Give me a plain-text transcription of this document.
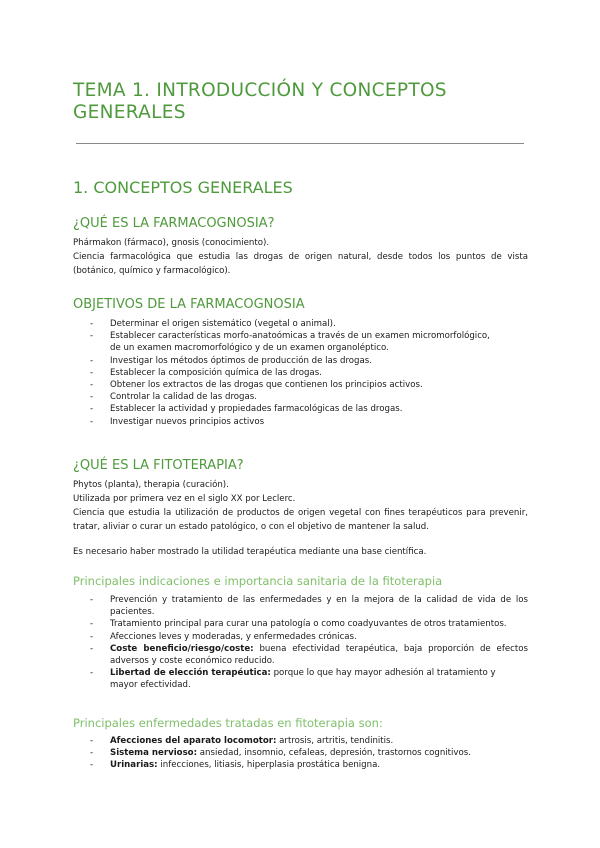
TEMA 1. INTRODUCCIÓN Y CONCEPTOS GENERALES
1. CONCEPTOS GENERALES
¿QUÉ ES LA FARMACOGNOSIA?

Phármakon (fármaco), gnosis (conocimiento).

Ciencia farmacológica que estudia las drogas de origen natural, desde todos los puntos de vista (botánico, químico y farmacológico).

OBJETIVOS DE LA FARMACOGNOSIA
- Determinar el origen sistemático (vegetal o animal).
- Establecer características morfo-anatoómicas a través de un examen micromorfológico, de un examen macromorfológico y de un examen organoléptico.
- Investigar los métodos óptimos de producción de las drogas.
- Establecer la composición química de las drogas.
- Obtener los extractos de las drogas que contienen los principios activos.
- Controlar la calidad de las drogas.
- Establecer la actividad y propiedades farmacológicas de las drogas.
- Investigar nuevos principios activos
¿QUÉ ES LA FITOTERAPIA?

Phytos (planta), therapia (curación).

Utilizada por primera vez en el siglo XX por Leclerc.

Ciencia que estudia la utilización de productos de origen vegetal con fines terapéuticos para prevenir, tratar, aliviar o curar un estado patológico, o con el objetivo de mantener la salud.

Es necesario haber mostrado la utilidad terapéutica mediante una base científica.

Principales indicaciones e importancia sanitaria de la fitoterapia
- Prevención y tratamiento de las enfermedades y en la mejora de la calidad de vida de los pacientes.
- Tratamiento principal para curar una patología o como coadyuvantes de otros tratamientos.
- Afecciones leves y moderadas, y enfermedades crónicas.
- Coste beneficio/riesgo/coste: buena efectividad terapéutica, baja proporción de efectos adversos y coste económico reducido.
- Libertad de elección terapéutica: porque lo que hay mayor adhesión al tratamiento y mayor efectividad.
Principales enfermedades tratadas en fitoterapia son:
- Afecciones del aparato locomotor: artrosis, artritis, tendinitis.
- Sistema nervioso: ansiedad, insomnio, cefaleas, depresión, trastornos cognitivos.
- Urinarias: infecciones, litiasis, hiperplasia prostática benigna.
